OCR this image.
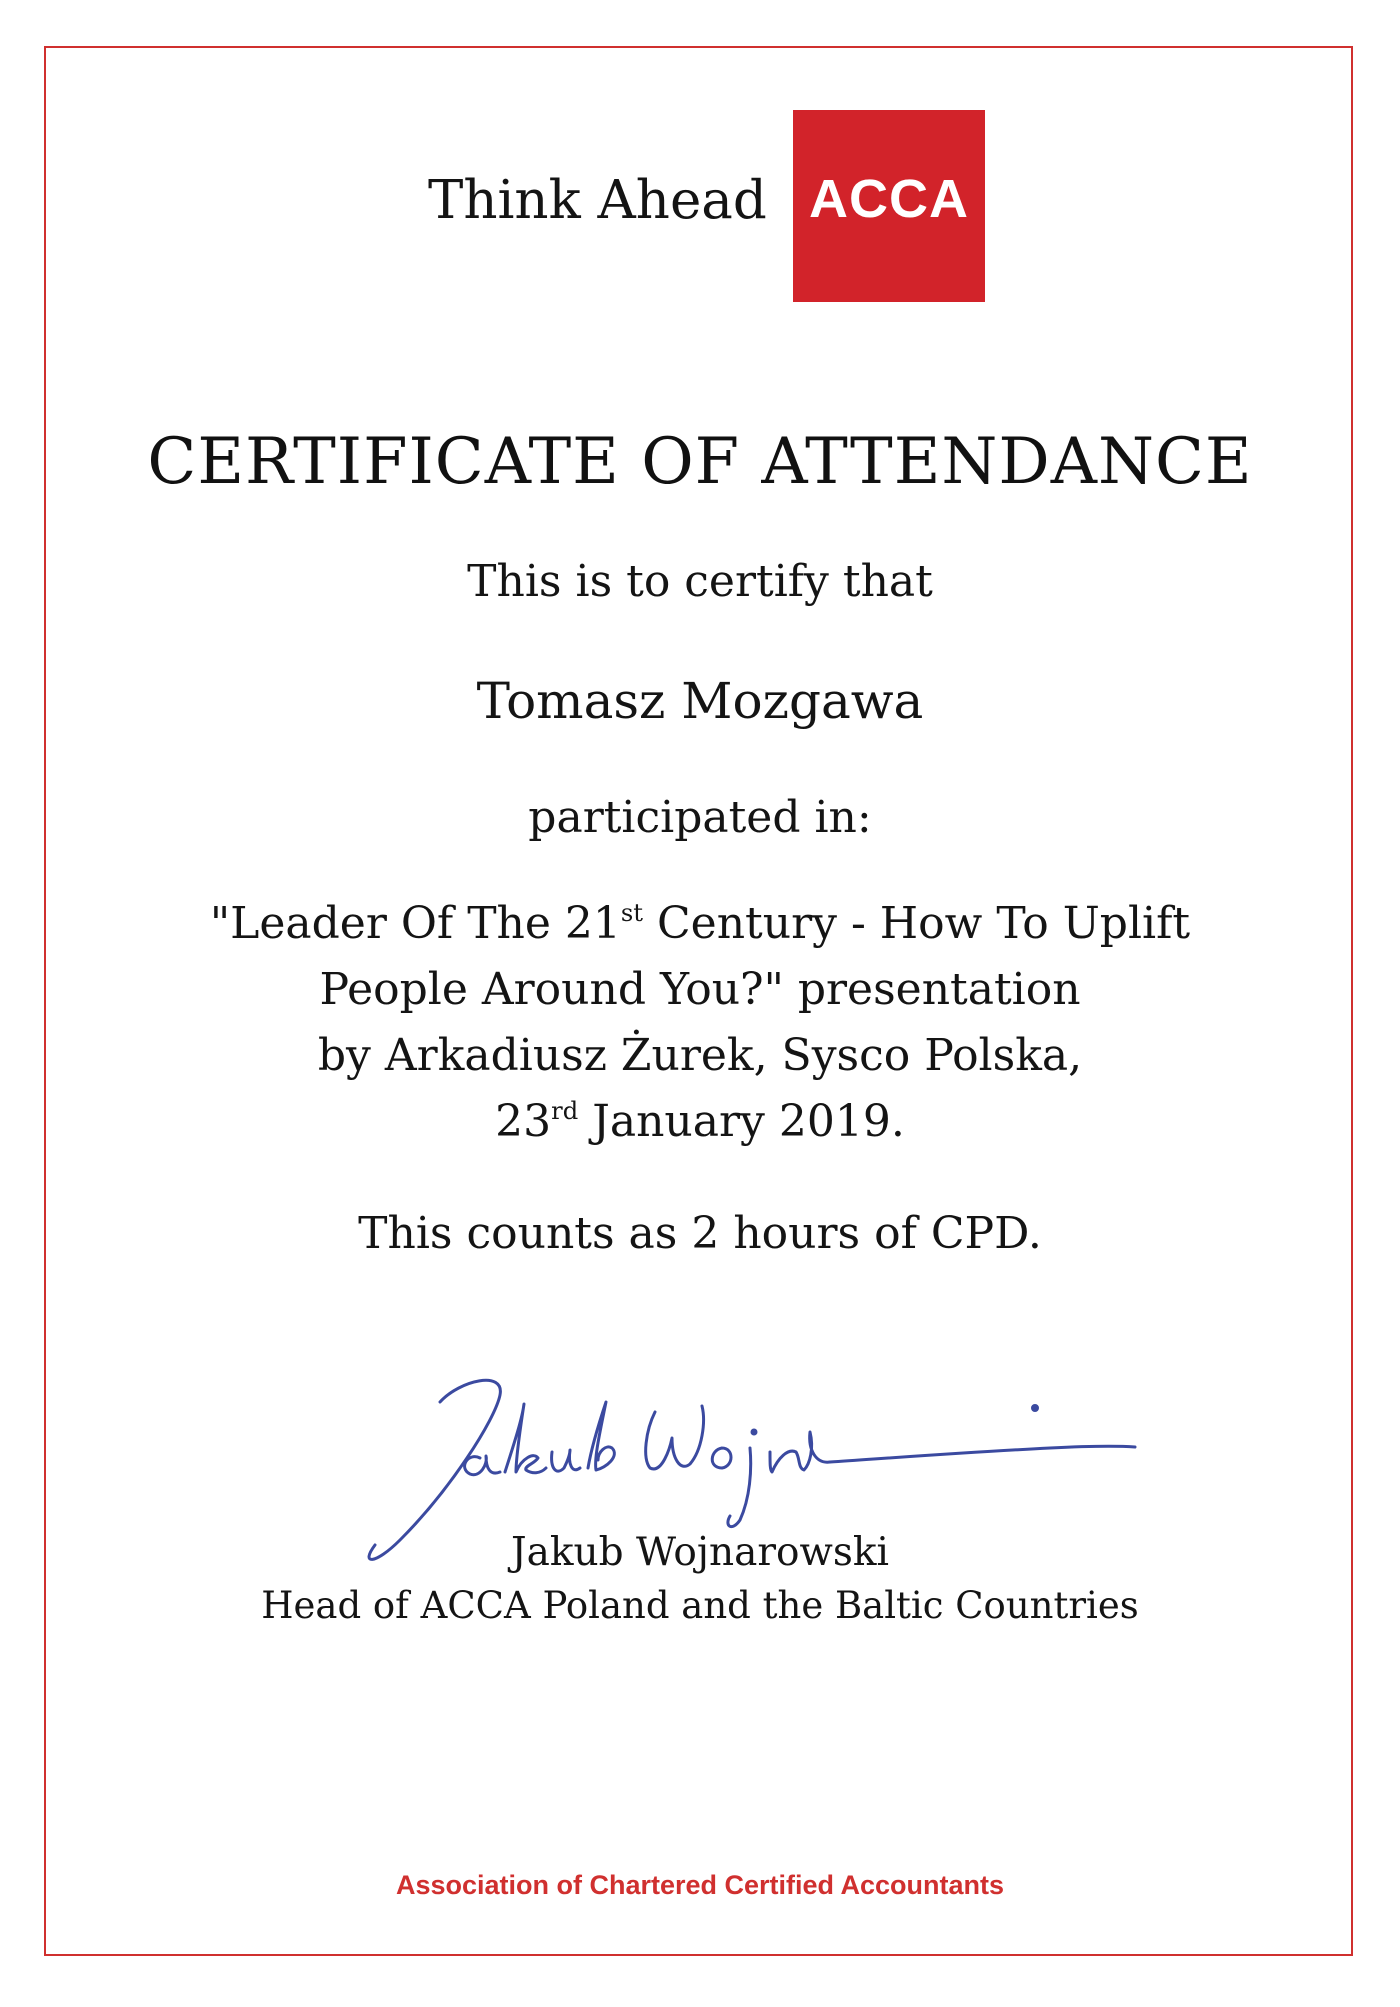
Think Ahead ACCA
CERTIFICATE OF ATTENDANCE
This is to certify that
Tomasz Mozgawa
participated in:
"Leader Of The 21st Century - How To Uplift
People Around You?" presentation
by Arkadiusz Żurek, Sysco Polska,
23rd January 2019.
This counts as 2 hours of CPD.
Jakub Wojnarowski
Head of ACCA Poland and the Baltic Countries
Association of Chartered Certified Accountants
